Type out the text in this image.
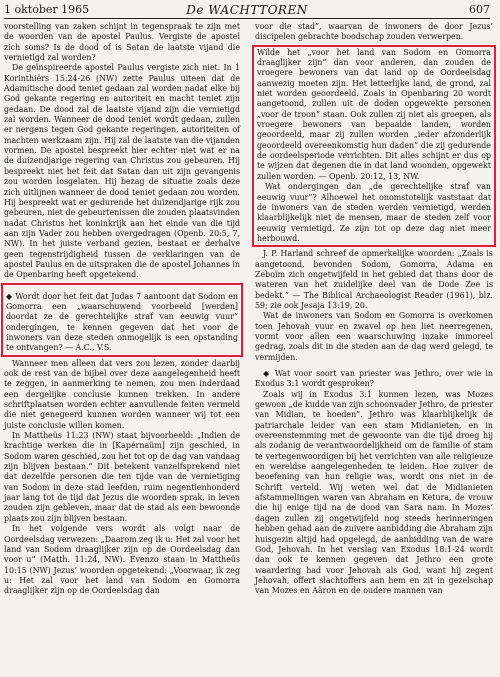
1 oktober 1965	De WACHTTOREN	607

voorstelling van zaken schijnt in tegenspraak te zijn met de woorden van de apostel Paulus. Vergiste de apostel zich soms? Is de dood of is Satan de laatste vijand die vernietigd zal worden?

De geïnspireerde apostel Paulus vergiste zich niet. In 1 Korinthiërs 15:24-26 (NW) zette Paulus uiteen dat de Adamitische dood teniet gedaan zal worden nadat elke bij God gekante regering en autoriteit en macht teniet zijn gedaan. De dood zal de laatste vijand zijn die vernietigd zal worden. Wanneer de dood teniet wordt gedaan, zullen er nergens tegen God gekante regeringen, autoriteiten of machten werkzaam zijn. Hij zal de laatste van die vijanden vormen. De apostel bespreekt hier echter niet wat er na de duizendjarige regering van Christus zou gebeuren. Hij bespreekt niet het feit dat Satan dan uit zijn gevangenis zou worden losgelaten. Hij bezag de situatie zoals deze zich uitlijnen wanneer de dood teniet gedaan zou worden. Hij bespreekt wat er gedurende het duizendjarige rijk zou gebeuren, niet de gebeurtenissen die zouden plaatsvinden nadat Christus het koninkrijk aan het einde van die tijd aan zijn Vader zou hebben overgedragen (Openb. 20:5, 7, NW). In het juiste verband gezien, bestaat er derhalve geen tegenstrijdigheid tussen de verklaringen van de apostel Paulus en de uitspraken die de apostel Johannes in de Openbaring heeft opgetekend.

◆ Wordt door het feit dat Judas 7 aantoont dat Sodom en Gomorra een „waarschuwend voorbeeld [werden] doordat ze de gerechtelijke straf van eeuwig vuur” ondergingen, te kennen gegeven dat het voor de inwoners van deze steden onmogelijk is een opstanding te ontvangen? — A.C., V.S.

Wanneer men alleen dat vers zou lezen, zonder daarbij ook de rest van de bijbel over deze aangelegenheid heeft te zeggen, in aanmerking te nemen, zou men inderdaad een dergelijke conclusie kunnen trekken. In andere schriftplaatsen worden echter aanvullende feiten vermeld die niet genegeerd kunnen worden wanneer wij tot een juiste conclusie willen komen.

In Mattheüs 11:23 (NW) staat bijvoorbeeld: „Indien de krachtige werken die in [Kapérnaüm] zijn geschied, in Sodom waren geschied, zou het tot op de dag van vandaag zijn blijven bestaan.” Dit betekent vanzelfsprekend niet dat dezelfde personen die ten tijde van de vernietiging van Sodom in deze stad leefden, ruim negentienhonderd jaar lang tot de tijd dat Jezus die woorden sprak, in leven zouden zijn gebleven, maar dat de stad als een bewoonde plaats zou zijn blijven bestaan.

In het volgende vers wordt als volgt naar de Oordeelsdag verwezen: „Daarom zeg ik u: Het zal voor het land van Sodom draaglijker zijn op de Oordeelsdag dan voor u” (Matth. 11:24, NW). Evenzo staan in Mattheüs 10:15 (NW) Jezus’ woorden opgetekend: „Voorwaar, ik zeg u: Het zal voor het land van Sodom en Gomorra draaglijker zijn op de Oordeelsdag dan

voor die stad”, waarvan de inwoners de door Jezus’ discipelen gebrachte boodschap zouden verwerpen.

Wilde het „voor het land van Sodom en Gomorra draaglijker zijn” dan voor anderen, dan zouden de vroegere bewoners van dat land op de Oordeelsdag aanwezig moeten zijn. Het letterlijke land, de grond, zal niet worden geoordeeld. Zoals in Openbaring 20 wordt aangetoond, zullen uit de doden opgewekte personen „voor de troon” staan. Ook zullen zij niet als groepen, als vroegere bewoners van bepaalde landen, worden geoordeeld, maar zij zullen worden „ieder afzonderlijk geoordeeld overeenkomstig hun daden” die zij gedurende de oordeelsperiode verrichten. Dit alles schijnt er dus op te wijzen dat degenen die in dat land woonden, opgewekt zullen worden. — Openb. 20:12, 13, NW.

Wat ondergingen dan „de gerechtelijke straf van eeuwig vuur”? Alhoewel het onomstotelijk vaststaat dat de inwoners van de steden werden vernietigd, werden klaarblijkelijk niet de mensen, maar de steden zelf voor eeuwig vernietigd. Ze zijn tot op deze dag niet meer herbouwd.

J. P. Harland schreef de opmerkelijke woorden: „Zoals is aangetoond, bevonden Sodom, Gomorra, Adama en Zeboïm zich ongetwijfeld in het gebied dat thans door de wateren van het zuidelijke deel van de Dode Zee is bedekt.” — The Biblical Archaeologist Reader (1961), blz. 59; zie ook Jesaja 13:19, 20.

Wat de inwoners van Sodom en Gomorra is overkomen toen Jehovah vuur en zwavel op hen liet neerregenen, vormt voor allen een waarschuwing inzake immoreel gedrag, zoals dit in die steden aan de dag werd gelegd, te vermijden.

◆ Wat voor soort van priester was Jethro, over wie in Exodus 3:1 wordt gesproken?

Zoals wij in Exodus 3:1 kunnen lezen, was Mozes gewoon „de kudde van zijn schoonvader Jethro, de priester van Midian, te hoeden”. Jethro was klaarblijkelijk de patriarchale leider van een stam Midianieten, en in overeenstemming met de gewoonte van die tijd droeg hij als zodanig de verantwoordelijkheid om de familie of stam te vertegenwoordigen bij het verrichten van alle religieuze en wereldse aangelegenheden te leiden. Hoe zuiver de beoefening van hun religie was, wordt ons niet in de Schrift verteld. Wij weten wel dat de Midianieten afstammelingen waren van Abraham en Ketura, de vrouw die hij enige tijd na de dood van Sara nam. In Mozes’ dagen zullen zij ongetwijfeld nog steeds herinneringen hebben gehad aan de zuivere aanbidding die Abraham zijn huisgezin altijd had opgelegd, de aanbidding van de ware God, Jehovah. In het verslag van Exodus 18:1-24 wordt dan ook te kennen gegeven dat Jethro een grote waardering had voor Jehovah als God, want hij zegent Jehovah, offert slachtoffers aan hem en zit in gezelschap van Mozes en Aäron en de oudere mannen van
